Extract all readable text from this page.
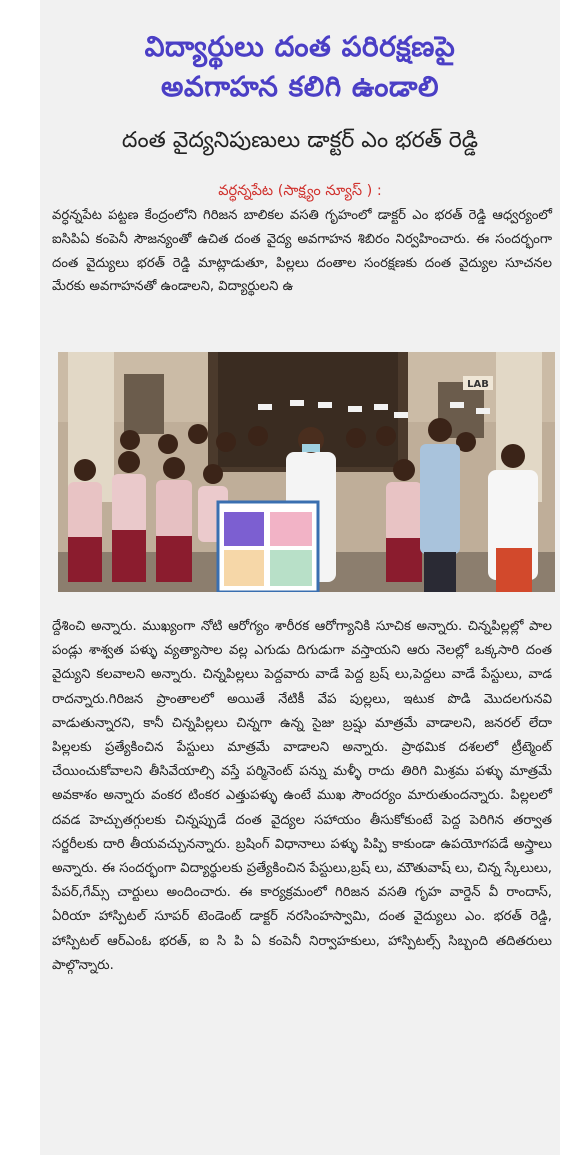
విద్యార్థులు దంత పరిరక్షణపై
అవగాహన కలిగి ఉండాలి
దంత వైద్యనిపుణులు డాక్టర్ ఎం భరత్ రెడ్డి
వర్ధన్నపేట (సాక్ష్యం న్యూస్ ) :

వర్ధన్నపేట పట్టణ కేంద్రంలోని గిరిజన బాలికల వసతి గృహంలో డాక్టర్ ఎం భరత్ రెడ్డి ఆధ్వర్యంలో ఐసిపిఏ కంపెనీ సౌజన్యంతో ఉచిత దంత వైద్య అవగాహన శిబిరం నిర్వహించారు. ఈ సందర్భంగా దంత వైద్యులు భరత్ రెడ్డి మాట్లాడుతూ, పిల్లలు దంతాల సంరక్షణకు దంత వైద్యుల సూచనల మేరకు అవగాహనతో ఉండాలని, విద్యార్థులని ఉ

LAB

ద్దేశించి అన్నారు. ముఖ్యంగా నోటి ఆరోగ్యం శారీరక ఆరోగ్యానికి సూచిక అన్నారు. చిన్నపిల్లల్లో పాల పండ్లు శాశ్వత పళ్ళు వ్యత్యాసాల వల్ల ఎగుడు దిగుడుగా వస్తాయని ఆరు నెలల్లో ఒక్కసారి దంత వైద్యుని కలవాలని అన్నారు. చిన్నపిల్లలు పెద్దవారు వాడే పెద్ద బ్రష్ లు,పెద్దలు వాడే పేస్టులు, వాడ రాదన్నారు.గిరిజన ప్రాంతాలలో అయితే నేటికీ వేప పుల్లలు, ఇటుక పొడి మొదలగునవి వాడుతున్నారని, కానీ చిన్నపిల్లలు చిన్నగా ఉన్న సైజు బ్రష్షు మాత్రమే వాడాలని, జనరల్ లేదా పిల్లలకు ప్రత్యేకించిన పేస్టులు మాత్రమే వాడాలని అన్నారు. ప్రాథమిక దశలలో ట్రీట్మెంట్ చేయించుకోవాలని తీసివేయాల్సి వస్తే పర్మినెంట్ పన్ను మళ్ళీ రాదు తిరిగి మిశ్రమ పళ్ళు మాత్రమే అవకాశం అన్నారు వంకర టింకర ఎత్తుపళ్ళు ఉంటే ముఖ సౌందర్యం మారుతుందన్నారు. పిల్లలలో దవడ హెచ్చుతగ్గులకు చిన్నప్పుడే దంత వైద్యల సహాయం తీసుకోకుంటే పెద్ద పెరిగిన తర్వాత సర్జరీలకు దారి తీయవచ్చునన్నారు. బ్రషింగ్ విధానాలు పళ్ళు పిప్పి కాకుండా ఉపయోగపడే అస్త్రాలు అన్నారు. ఈ సందర్భంగా విద్యార్థులకు ప్రత్యేకించిన పేస్టులు,బ్రష్ లు, మౌతువాష్ లు, చిన్న స్కేలులు, పేపర్,గేమ్స్ చార్టులు అందించారు. ఈ కార్యక్రమంలో గిరిజన వసతి గృహ వార్డెన్ వీ రాందాస్, ఏరియా హాస్పిటల్ సూపర్ టెండెంట్ డాక్టర్ నరసింహస్వామి, దంత వైద్యులు ఎం. భరత్ రెడ్డి, హాస్పిటల్ ఆర్ఎంఓ భరత్, ఐ సి పి ఏ కంపెనీ నిర్వాహకులు, హాస్పిటల్స్ సిబ్బంది తదితరులు పాల్గొన్నారు.
